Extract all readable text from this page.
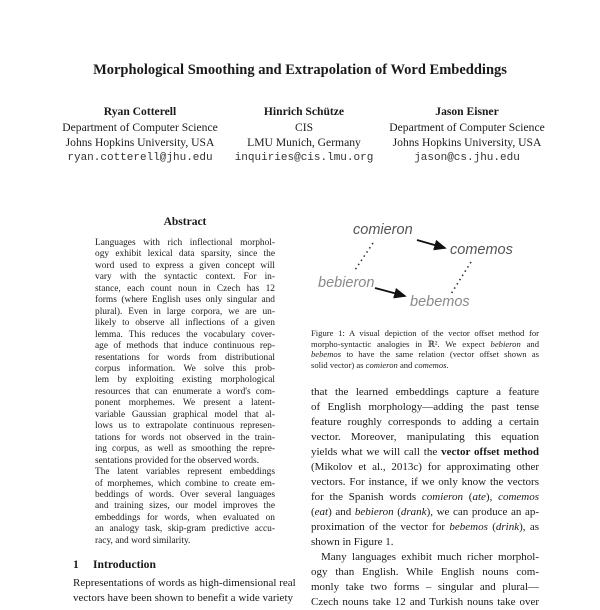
Morphological Smoothing and Extrapolation of Word Embeddings
Ryan Cotterell
Department of Computer Science
Johns Hopkins University, USA
ryan.cotterell@jhu.edu
Hinrich Schütze
CIS
LMU Munich, Germany
inquiries@cis.lmu.org
Jason Eisner
Department of Computer Science
Johns Hopkins University, USA
jason@cs.jhu.edu
Abstract
Languages with rich inflectional morphol-
ogy exhibit lexical data sparsity, since the
word used to express a given concept will
vary with the syntactic context. For in-
stance, each count noun in Czech has 12
forms (where English uses only singular and
plural). Even in large corpora, we are un-
likely to observe all inflections of a given
lemma. This reduces the vocabulary cover-
age of methods that induce continuous rep-
resentations for words from distributional
corpus information. We solve this prob-
lem by exploiting existing morphological
resources that can enumerate a word's com-
ponent morphemes. We present a latent-
variable Gaussian graphical model that al-
lows us to extrapolate continuous represen-
tations for words not observed in the train-
ing corpus, as well as smoothing the repre-
sentations provided for the observed words.
The latent variables represent embeddings
of morphemes, which combine to create em-
beddings of words. Over several languages
and training sizes, our model improves the
embeddings for words, when evaluated on
an analogy task, skip-gram predictive accu-
racy, and word similarity.
1 Introduction
Representations of words as high-dimensional real
vectors have been shown to benefit a wide variety
comieron
comemos
bebieron
bebemos
Figure 1: A visual depiction of the vector offset method for
morpho-syntactic analogies in ℝ². We expect bebieron and
bebemos to have the same relation (vector offset shown as
solid vector) as comieron and comemos.
that the learned embeddings capture a feature
of English morphology—adding the past tense
feature roughly corresponds to adding a certain
vector. Moreover, manipulating this equation
yields what we will call the vector offset method
(Mikolov et al., 2013c) for approximating other
vectors. For instance, if we only know the vectors
for the Spanish words comieron (ate), comemos
(eat) and bebieron (drank), we can produce an ap-
proximation of the vector for bebemos (drink), as
shown in Figure 1.
Many languages exhibit much richer morphol-
ogy than English. While English nouns com-
monly take two forms – singular and plural—
Czech nouns take 12 and Turkish nouns take over
